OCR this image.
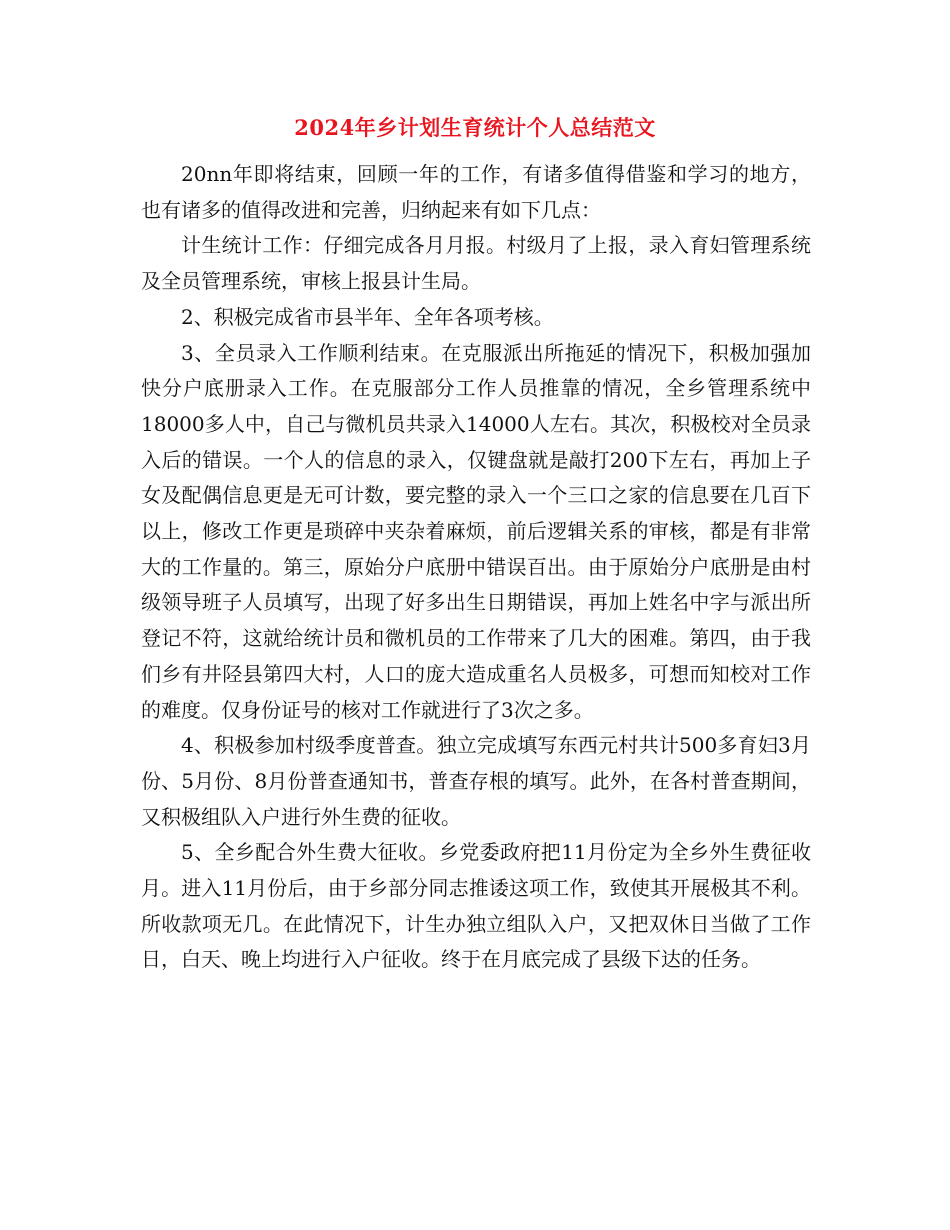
2024年乡计划生育统计个人总结范文

20nn年即将结束，回顾一年的工作，有诸多值得借鉴和学习的地方，也有诸多的值得改进和完善，归纳起来有如下几点：

计生统计工作：仔细完成各月月报。村级月了上报，录入育妇管理系统及全员管理系统，审核上报县计生局。

2、积极完成省市县半年、全年各项考核。

3、全员录入工作顺利结束。在克服派出所拖延的情况下，积极加强加快分户底册录入工作。在克服部分工作人员推靠的情况，全乡管理系统中18000多人中，自己与微机员共录入14000人左右。其次，积极校对全员录入后的错误。一个人的信息的录入，仅键盘就是敲打200下左右，再加上子女及配偶信息更是无可计数，要完整的录入一个三口之家的信息要在几百下以上，修改工作更是琐碎中夹杂着麻烦，前后逻辑关系的审核，都是有非常大的工作量的。第三，原始分户底册中错误百出。由于原始分户底册是由村级领导班子人员填写，出现了好多出生日期错误，再加上姓名中字与派出所登记不符，这就给统计员和微机员的工作带来了几大的困难。第四，由于我们乡有井陉县第四大村，人口的庞大造成重名人员极多，可想而知校对工作的难度。仅身份证号的核对工作就进行了3次之多。

4、积极参加村级季度普查。独立完成填写东西元村共计500多育妇3月份、5月份、8月份普查通知书，普查存根的填写。此外，在各村普查期间，又积极组队入户进行外生费的征收。

5、全乡配合外生费大征收。乡党委政府把11月份定为全乡外生费征收月。进入11月份后，由于乡部分同志推诿这项工作，致使其开展极其不利。所收款项无几。在此情况下，计生办独立组队入户，又把双休日当做了工作日，白天、晚上均进行入户征收。终于在月底完成了县级下达的任务。
